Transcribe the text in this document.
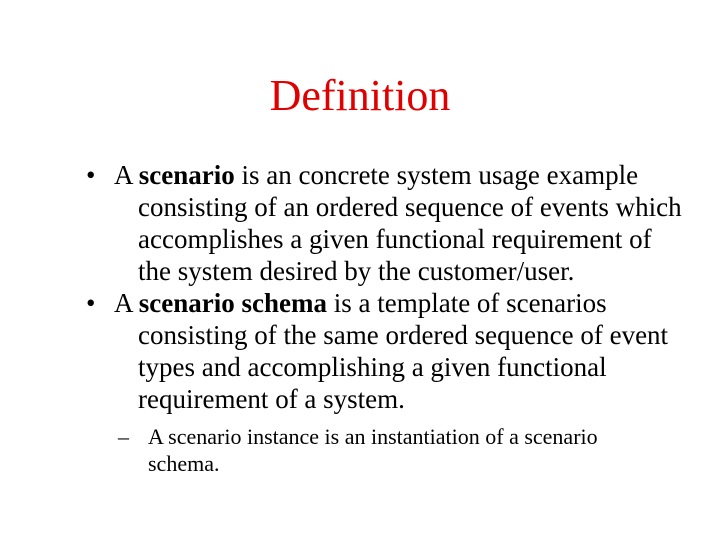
Definition
• A scenario is an concrete system usage example
consisting of an ordered sequence of events which
accomplishes a given functional requirement of
the system desired by the customer/user.
• A scenario schema is a template of scenarios
consisting of the same ordered sequence of event
types and accomplishing a given functional
requirement of a system.
– A scenario instance is an instantiation of a scenario
schema.
